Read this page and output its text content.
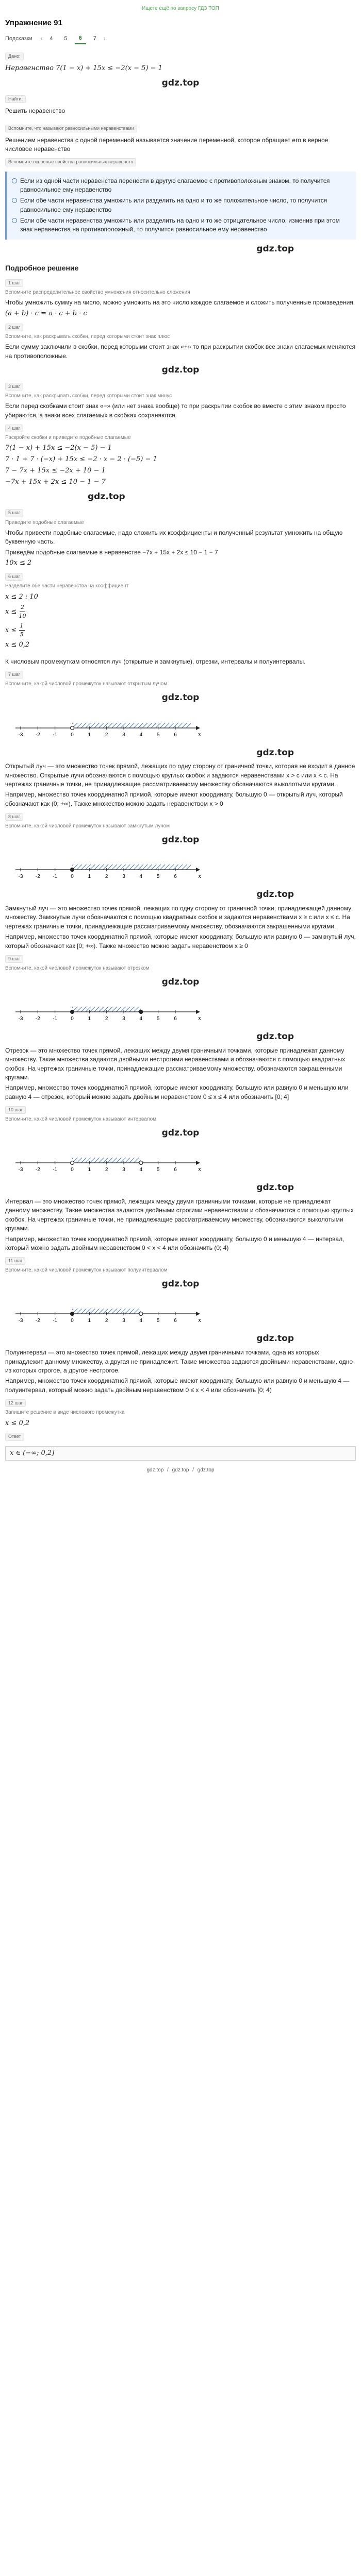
Ищете ещё по запросу ГДЗ ТОП
Упражнение 91
Подсказки ‹	4	5	6	7	›
Дано:

Неравенство 7(1 − x) + 15x ≤ −2(x − 5) − 1

gdz.top
Найти:

Решить неравенство

Вспомните, что называют равносильными неравенствами

Решением неравенства с одной переменной называется значение переменной, которое обращает его в верное числовое неравенство

Вспомните основные свойства равносильных неравенств
Если из одной части неравенства перенести в другую слагаемое с противоположным знаком, то получится равносильное ему неравенство
Если обе части неравенства умножить или разделить на одно и то же положительное число, то получится равносильное ему неравенство
Если обе части неравенства умножить или разделить на одно и то же отрицательное число, изменив при этом знак неравенства на противоположный, то получится равносильное ему неравенство
gdz.top
Подробное решение
1 шаг
Вспомните распределительное свойство умножения относительно сложения

Чтобы умножить сумму на число, можно умножить на это число каждое слагаемое и сложить полученные произведения.

(a + b) · c = a · c + b · c

2 шаг
Вспомните, как раскрывать скобки, перед которыми стоит знак плюс

Если сумму заключили в скобки, перед которыми стоит знак «+» то при раскрытии скобок все знаки слагаемых меняются на противоположные.

gdz.top
3 шаг
Вспомните, как раскрывать скобки, перед которыми стоит знак минус

Если перед скобками стоит знак «−» (или нет знака вообще) то при раскрытии скобок во вместе с этим знаком просто убираются, а знаки всех слагаемых в скобках сохраняются.

4 шаг
Раскройте скобки и приведите подобные слагаемые

7(1 − x) + 15x ≤ −2(x − 5) − 1

7 · 1 + 7 · (−x) + 15x ≤ −2 · x − 2 · (−5) − 1

7 − 7x + 15x ≤ −2x + 10 − 1

−7x + 15x + 2x ≤ 10 − 1 − 7

gdz.top
5 шаг
Приведите подобные слагаемые

Чтобы привести подобные слагаемые, надо сложить их коэффициенты и полученный результат умножить на общую буквенную часть.

Приведём подобные слагаемые в неравенстве −7x + 15x + 2x ≤ 10 − 1 − 7

10x ≤ 2

6 шаг
Разделите обе части неравенства на коэффициент

x ≤ 2 : 10

$x \le \frac{2}{10}$

$x \le \frac{1}{5}$

x ≤ 0,2

К числовым промежуткам относятся луч (открытые и замкнутые), отрезки, интервалы и полуинтервалы.

7 шаг
Вспомните, какой числовой промежуток называют открытым лучом
gdz.top
x
-3 -2 -1	0	1	2	3	4	5	6
gdz.top

Открытый луч — это множество точек прямой, лежащих по одну сторону от граничной точки, которая не входит в данное множество. Открытые лучи обозначаются с помощью круглых скобок и задаются неравенствами x > c или x < c. На чертежах граничные точки, не принадлежащие рассматриваемому множеству обозначаются выколотыми кругами.

Например, множество точек координатной прямой, которые имеют координату, большую 0 — открытый луч, который обозначают как (0; +∞). Также множество можно задать неравенством x > 0

8 шаг
Вспомните, какой числовой промежуток называют замкнутым лучом
gdz.top
x
-3 -2 -1	0	1	2	3	4	5	6
gdz.top

Замкнутый луч — это множество точек прямой, лежащих по одну сторону от граничной точки, принадлежащей данному множеству. Замкнутые лучи обозначаются с помощью квадратных скобок и задаются неравенствами x ≥ c или x ≤ c. На чертежах граничные точки, принадлежащие рассматриваемому множеству, обозначаются закрашенными кругами.

Например, множество точек координатной прямой, которые имеют координату, большую или равную 0 — замкнутый луч, который обозначают как [0; +∞). Также множество можно задать неравенством x ≥ 0

9 шаг
Вспомните, какой числовой промежуток называют отрезком
gdz.top
x
-3 -2 -1	0	1	2	3	4	5	6
gdz.top

Отрезок — это множество точек прямой, лежащих между двумя граничными точками, которые принадлежат данному множеству. Такие множества задаются двойными нестрогими неравенствами и обозначаются с помощью квадратных скобок. На чертежах граничные точки, принадлежащие рассматриваемому множеству, обозначаются закрашенными кругами.

Например, множество точек координатной прямой, которые имеют координату, большую или равную 0 и меньшую или равную 4 — отрезок, который можно задать двойным неравенством 0 ≤ x ≤ 4 или обозначить [0; 4]

10 шаг
Вспомните, какой числовой промежуток называют интервалом
gdz.top
x
-3 -2 -1	0	1	2	3	4	5	6
gdz.top

Интервал — это множество точек прямой, лежащих между двумя граничными точками, которые не принадлежат данному множеству. Такие множества задаются двойными строгими неравенствами и обозначаются с помощью круглых скобок. На чертежах граничные точки, не принадлежащие рассматриваемому множеству, обозначаются выколотыми кругами.

Например, множество точек координатной прямой, которые имеют координату, большую 0 и меньшую 4 — интервал, который можно задать двойным неравенством 0 < x < 4 или обозначить (0; 4)

11 шаг
Вспомните, какой числовой промежуток называют полуинтервалом
gdz.top
x
-3 -2 -1	0	1	2	3	4	5	6
gdz.top

Полуинтервал — это множество точек прямой, лежащих между двумя граничными точками, одна из которых принадлежит данному множеству, а другая не принадлежит. Такие множества задаются двойными неравенствами, одно из которых строгое, а другое нестрогое.

Например, множество точек координатной прямой, которые имеют координату, большую или равную 0 и меньшую 4 — полуинтервал, который можно задать двойным неравенством 0 ≤ x < 4 или обозначить [0; 4)

12 шаг
Запишите решение в виде числового промежутка

x ≤ 0,2

Ответ
x ∈ (−∞; 0,2]
gdz.top / gdz.top / gdz.top
